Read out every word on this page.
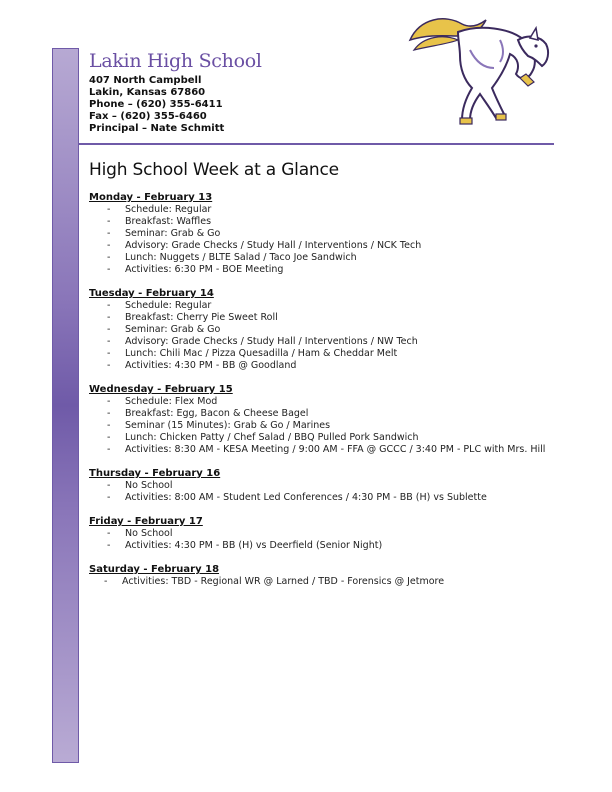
Lakin High School
407 North Campbell
Lakin, Kansas 67860
Phone – (620) 355-6411
Fax – (620) 355-6460
Principal – Nate Schmitt
High School Week at a Glance
Monday - February 13
- Schedule: Regular
- Breakfast: Waffles
- Seminar: Grab & Go
- Advisory: Grade Checks / Study Hall / Interventions / NCK Tech
- Lunch: Nuggets / BLTE Salad / Taco Joe Sandwich
- Activities: 6:30 PM - BOE Meeting
Tuesday - February 14
- Schedule: Regular
- Breakfast: Cherry Pie Sweet Roll
- Seminar: Grab & Go
- Advisory: Grade Checks / Study Hall / Interventions / NW Tech
- Lunch: Chili Mac / Pizza Quesadilla / Ham & Cheddar Melt
- Activities: 4:30 PM - BB @ Goodland
Wednesday - February 15
- Schedule: Flex Mod
- Breakfast: Egg, Bacon & Cheese Bagel
- Seminar (15 Minutes): Grab & Go / Marines
- Lunch: Chicken Patty / Chef Salad / BBQ Pulled Pork Sandwich
- Activities: 8:30 AM - KESA Meeting / 9:00 AM - FFA @ GCCC / 3:40 PM - PLC with Mrs. Hill
Thursday - February 16
- No School
- Activities: 8:00 AM - Student Led Conferences / 4:30 PM - BB (H) vs Sublette
Friday - February 17
- No School
- Activities: 4:30 PM - BB (H) vs Deerfield (Senior Night)
Saturday - February 18
- Activities: TBD - Regional WR @ Larned / TBD - Forensics @ Jetmore
